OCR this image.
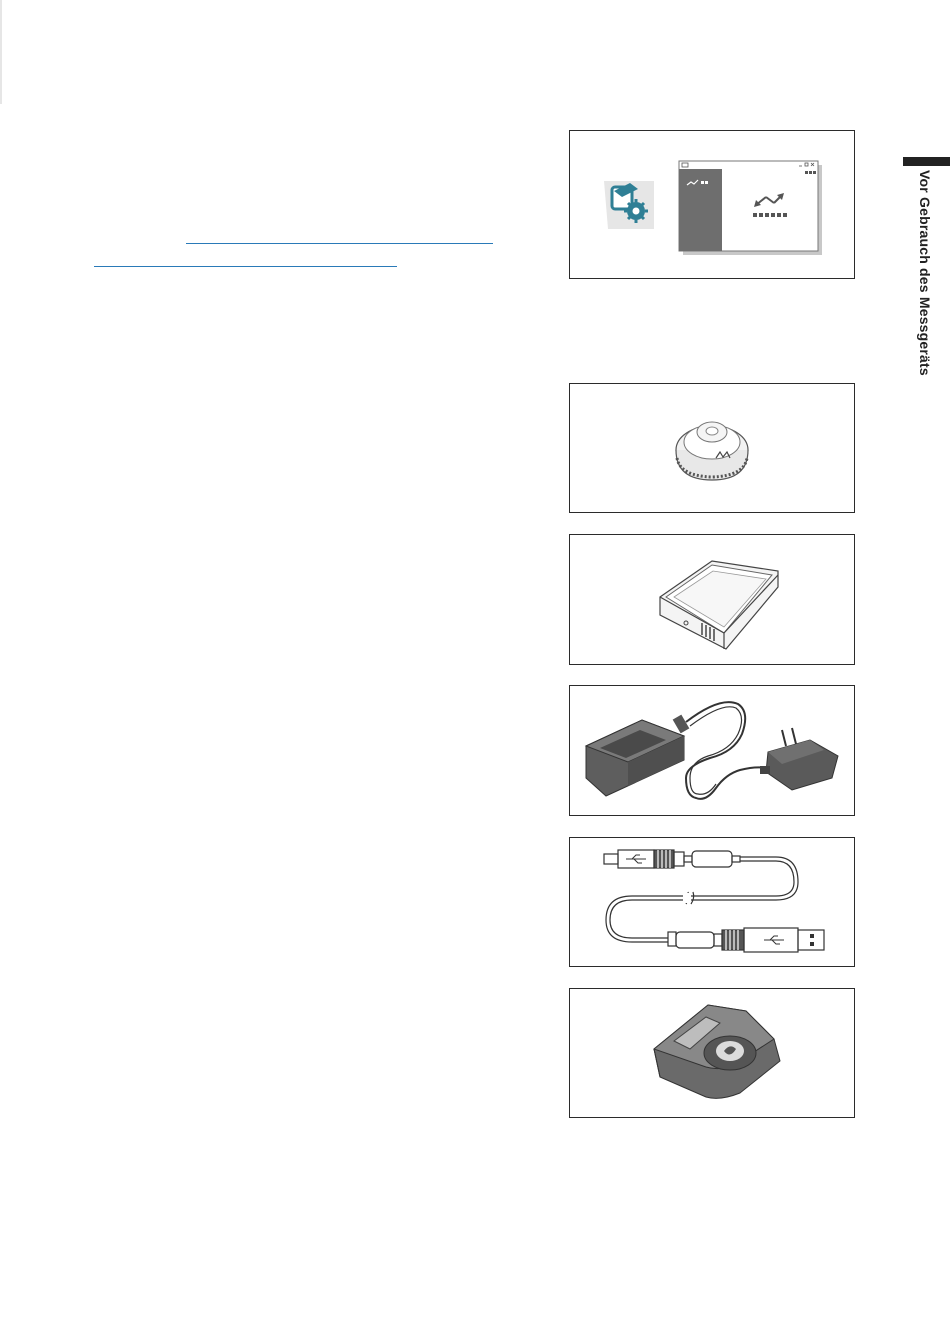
Vor Gebrauch des Messgeräts
